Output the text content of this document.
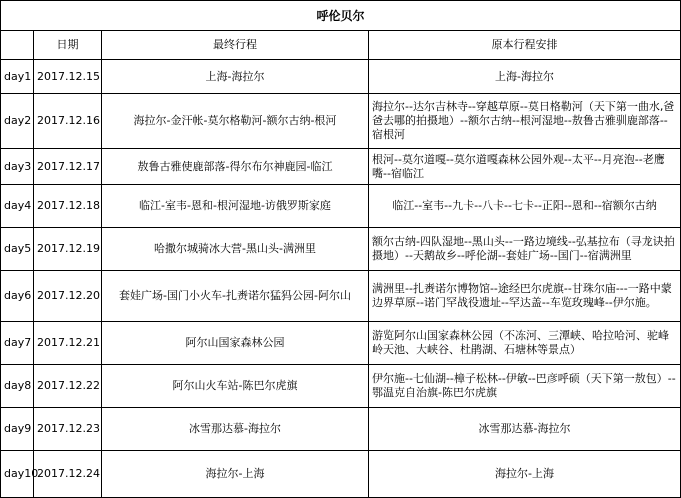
呼伦贝尔			
	日期	最终行程	原本行程安排
day1	2017.12.15	上海-海拉尔	上海-海拉尔
day2	2017.12.16	海拉尔-金汗帐-莫尔格勒河-额尔古纳-根河	海拉尔--达尔吉林寺--穿越草原--莫日格勒河（天下第一曲水,爸爸去哪的拍摄地）--额尔古纳--根河湿地--敖鲁古雅驯鹿部落--宿根河
day3	2017.12.17	敖鲁古雅使鹿部落-得尔布尔神鹿园-临江	根河--莫尔道嘎--莫尔道嘎森林公园外观--太平--月亮泡--老鹰嘴--宿临江
day4	2017.12.18	临江-室韦-恩和-根河湿地-访俄罗斯家庭	临江--室韦--九卡--八卡--七卡--正阳--恩和--宿额尔古纳
day5	2017.12.19	哈撒尔城骑冰大营-黑山头-满洲里	额尔古纳-四队湿地--黑山头--一路边境线--弘基拉布（寻龙诀拍摄地）--天鹅故乡--呼伦湖--套娃广场--国门--宿满洲里
day6	2017.12.20	套娃广场-国门小火车-扎赉诺尔猛犸公园-阿尔山	满洲里--扎赉诺尔博物馆--途经巴尔虎旗--甘珠尔庙---一路中蒙边界草原--诺门罕战役遗址--罕达盖--车览玫瑰峰--伊尔施。
day7	2017.12.21	阿尔山国家森林公园	游览阿尔山国家森林公园（不冻河、三潭峡、哈拉哈河、驼峰岭天池、大峡谷、杜鹃湖、石塘林等景点）
day8	2017.12.22	阿尔山火车站-陈巴尔虎旗	伊尔施--七仙湖--樟子松林--伊敏--巴彦呼硕（天下第一敖包）--鄂温克自治旗-陈巴尔虎旗
day9	2017.12.23	冰雪那达慕-海拉尔	冰雪那达慕-海拉尔
day10	2017.12.24	海拉尔-上海	海拉尔-上海
